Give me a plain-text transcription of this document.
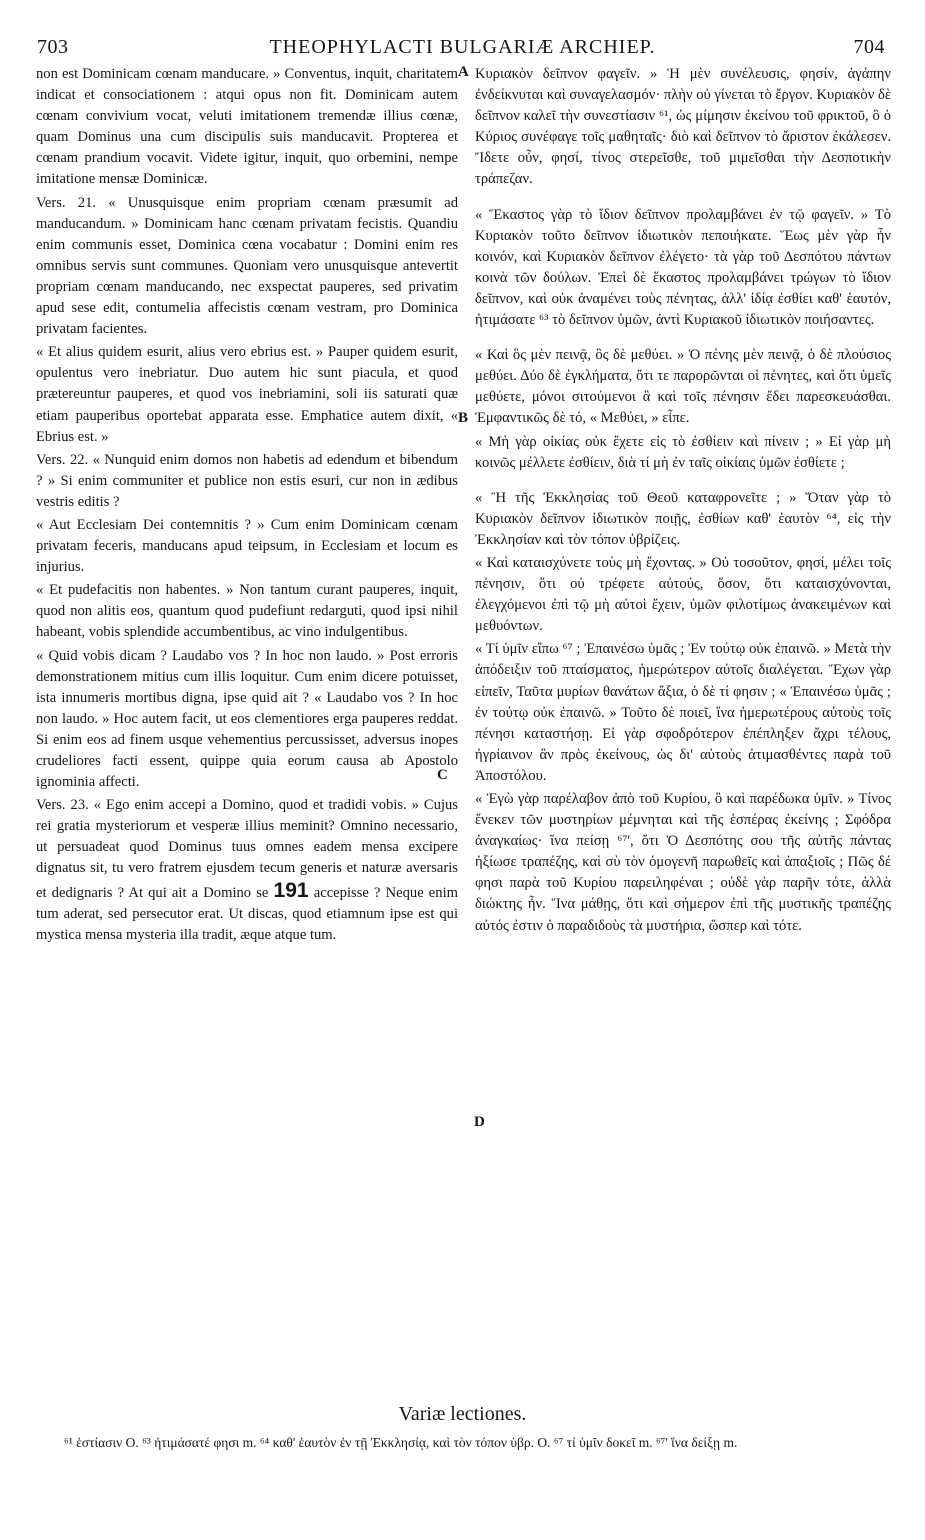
703	THEOPHYLACTI BULGARIÆ ARCHIEP.	704
A
B
C
D

non est Dominicam cœnam manducare. » Conventus, inquit, charitatem indicat et consociationem : atqui opus non fit. Dominicam autem cœnam convivium vocat, veluti imitationem tremendæ illius cœnæ, quam Dominus una cum discipulis suis manducavit. Propterea et cœnam prandium vocavit. Videte igitur, inquit, quo orbemini, nempe imitatione mensæ Dominicæ.

Vers. 21. « Unusquisque enim propriam cœnam præsumit ad manducandum. » Dominicam hanc cœnam privatam fecistis. Quandiu enim communis esset, Dominica cœna vocabatur : Domini enim res omnibus servis sunt communes. Quoniam vero unusquisque antevertit propriam cœnam manducando, nec exspectat pauperes, sed privatim apud sese edit, contumelia affecistis cœnam vestram, pro Dominica privatam facientes.

« Et alius quidem esurit, alius vero ebrius est. » Pauper quidem esurit, opulentus vero inebriatur. Duo autem hic sunt piacula, et quod prætereuntur pauperes, et quod vos inebriamini, soli iis saturati quæ etiam pauperibus oportebat apparata esse. Emphatice autem dixit, « Ebrius est. »

Vers. 22. « Nunquid enim domos non habetis ad edendum et bibendum ? » Si enim communiter et publice non estis esuri, cur non in ædibus vestris editis ?

« Aut Ecclesiam Dei contemnitis ? » Cum enim Dominicam cœnam privatam feceris, manducans apud teipsum, in Ecclesiam et locum es injurius.

« Et pudefacitis non habentes. » Non tantum curant pauperes, inquit, quod non alitis eos, quantum quod pudefiunt redarguti, quod ipsi nihil habeant, vobis splendide accumbentibus, ac vino indulgentibus.

« Quid vobis dicam ? Laudabo vos ? In hoc non laudo. » Post erroris demonstrationem mitius cum illis loquitur. Cum enim dicere potuisset, ista innumeris mortibus digna, ipse quid ait ? « Laudabo vos ? In hoc non laudo. » Hoc autem facit, ut eos clementiores erga pauperes reddat. Si enim eos ad finem usque vehementius percussisset, adversus inopes crudeliores facti essent, quippe quia eorum causa ab Apostolo ignominia affecti.

Vers. 23. « Ego enim accepi a Domino, quod et tradidi vobis. » Cujus rei gratia mysteriorum et vesperæ illius meminit? Omnino necessario, ut persuadeat quod Dominus tuus omnes eadem mensa excipere dignatus sit, tu vero fratrem ejusdem tecum generis et naturæ aversaris et dedignaris ? At qui ait a Domino se 191 accepisse ? Neque enim tum aderat, sed persecutor erat. Ut discas, quod etiamnum ipse est qui mystica mensa mysteria illa tradit, æque atque tum.

Κυριακὸν δεῖπνον φαγεῖν. » Ἡ μὲν συνέλευσις, φησίν, ἀγάπην ἐνδείκνυται καὶ συναγελασμόν· πλὴν οὐ γίνεται τὸ ἔργον. Κυριακὸν δὲ δεῖπνον καλεῖ τὴν συνεστίασιν ⁶¹, ὡς μίμησιν ἐκείνου τοῦ φρικτοῦ, ὃ ὁ Κύριος συνέφαγε τοῖς μαθηταῖς· διὸ καὶ δεῖπνον τὸ ἄριστον ἐκάλεσεν. Ἴδετε οὖν, φησί, τίνος στερεῖσθε, τοῦ μιμεῖσθαι τὴν Δεσποτικὴν τράπεζαν.

« Ἕκαστος γὰρ τὸ ἴδιον δεῖπνον προλαμβάνει ἐν τῷ φαγεῖν. » Τὸ Κυριακὸν τοῦτο δεῖπνον ἰδιωτικὸν πεποιήκατε. Ἕως μὲν γὰρ ἦν κοινόν, καὶ Κυριακὸν δεῖπνον ἐλέγετο· τὰ γὰρ τοῦ Δεσπότου πάντων κοινὰ τῶν δούλων. Ἐπεὶ δὲ ἕκαστος προλαμβάνει τρώγων τὸ ἴδιον δεῖπνον, καὶ οὐκ ἀναμένει τοὺς πένητας, ἀλλ' ἰδίᾳ ἐσθίει καθ' ἑαυτόν, ἠτιμάσατε ⁶³ τὸ δεῖπνον ὑμῶν, ἀντὶ Κυριακοῦ ἰδιωτικὸν ποιήσαντες.

« Καὶ ὃς μὲν πεινᾷ, ὃς δὲ μεθύει. » Ὁ πένης μὲν πεινᾷ, ὁ δὲ πλούσιος μεθύει. Δύο δὲ ἐγκλήματα, ὅτι τε παρορῶνται οἱ πένητες, καὶ ὅτι ὑμεῖς μεθύετε, μόνοι σιτούμενοι ἃ καὶ τοῖς πένησιν ἔδει παρεσκευάσθαι. Ἐμφαντικῶς δὲ τό, « Μεθύει, » εἶπε.

« Μὴ γὰρ οἰκίας οὐκ ἔχετε εἰς τὸ ἐσθίειν καὶ πίνειν ; » Εἰ γὰρ μὴ κοινῶς μέλλετε ἐσθίειν, διὰ τί μὴ ἐν ταῖς οἰκίαις ὑμῶν ἐσθίετε ;

« Ἢ τῆς Ἐκκλησίας τοῦ Θεοῦ καταφρονεῖτε ; » Ὅταν γὰρ τὸ Κυριακὸν δεῖπνον ἰδιωτικὸν ποιῇς, ἐσθίων καθ' ἑαυτὸν ⁶⁴, εἰς τὴν Ἐκκλησίαν καὶ τὸν τόπον ὑβρίζεις.

« Καὶ καταισχύνετε τοὺς μὴ ἔχοντας. » Οὐ τοσοῦτον, φησί, μέλει τοῖς πένησιν, ὅτι οὐ τρέφετε αὐτούς, ὅσον, ὅτι καταισχύνονται, ἐλεγχόμενοι ἐπὶ τῷ μὴ αὐτοὶ ἔχειν, ὑμῶν φιλοτίμως ἀνακειμένων καὶ μεθυόντων.

« Τί ὑμῖν εἴπω ⁶⁷ ; Ἐπαινέσω ὑμᾶς ; Ἐν τούτῳ οὐκ ἐπαινῶ. » Μετὰ τὴν ἀπόδειξιν τοῦ πταίσματος, ἡμερώτερον αὐτοῖς διαλέγεται. Ἔχων γὰρ εἰπεῖν, Ταῦτα μυρίων θανάτων ἄξια, ὁ δὲ τί φησιν ; « Ἐπαινέσω ὑμᾶς ; ἐν τούτῳ οὐκ ἐπαινῶ. » Τοῦτο δὲ ποιεῖ, ἵνα ἡμερωτέρους αὐτοὺς τοῖς πένησι καταστήσῃ. Εἰ γὰρ σφοδρότερον ἐπέπληξεν ἄχρι τέλους, ἠγρίαινον ἂν πρὸς ἐκείνους, ὡς δι' αὐτοὺς ἀτιμασθέντες παρὰ τοῦ Ἀποστόλου.

« Ἐγὼ γὰρ παρέλαβον ἀπὸ τοῦ Κυρίου, ὃ καὶ παρέδωκα ὑμῖν. » Τίνος ἕνεκεν τῶν μυστηρίων μέμνηται καὶ τῆς ἑσπέρας ἐκείνης ; Σφόδρα ἀναγκαίως· ἵνα πείσῃ ⁶⁷', ὅτι Ὁ Δεσπότης σου τῆς αὐτῆς πάντας ἠξίωσε τραπέζης, καὶ σὺ τὸν ὁμογενῆ παρωθεῖς καὶ ἀπαξιοῖς ; Πῶς δέ φησι παρὰ τοῦ Κυρίου παρειληφέναι ; οὐδὲ γὰρ παρῆν τότε, ἀλλὰ διώκτης ἦν. Ἵνα μάθῃς, ὅτι καὶ σήμερον ἐπὶ τῆς μυστικῆς τραπέζης αὐτός ἐστιν ὁ παραδιδοὺς τὰ μυστήρια, ὥσπερ καὶ τότε.

Variæ lectiones.
⁶¹ ἑστίασιν O. ⁶³ ἠτιμάσατέ φησι m. ⁶⁴ καθ' ἑαυτὸν ἐν τῇ Ἐκκλησίᾳ, καὶ τὸν τόπον ὑβρ. O. ⁶⁷ τί ὑμῖν δοκεῖ m. ⁶⁷' ἵνα δείξῃ m.
